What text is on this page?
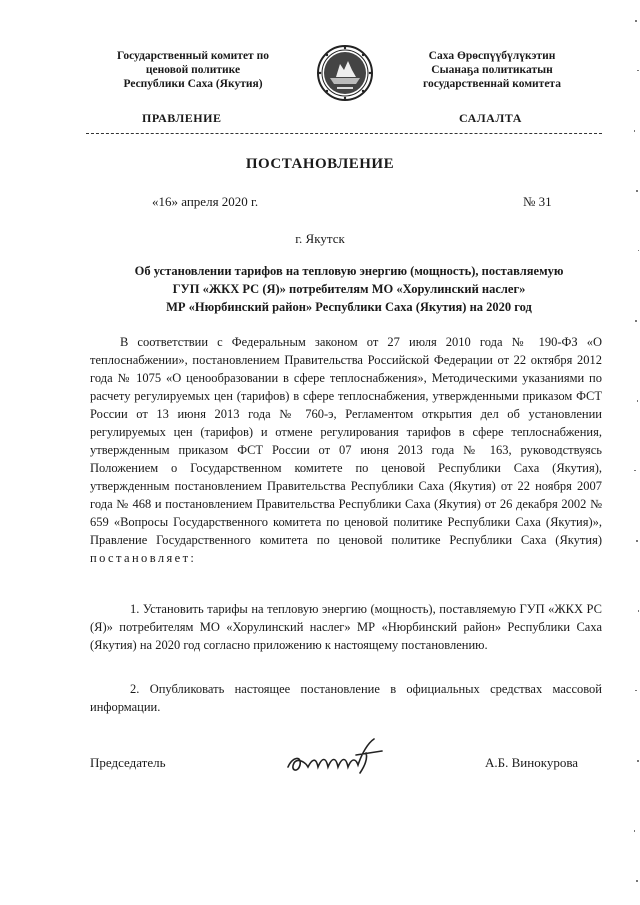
Государственный комитет по
ценовой политике
Республики Саха (Якутия)
Саха Өрөспүүбүлүкэтин
Сыанаҕа политикатын
государственнай комитета
ПРАВЛЕНИЕ	САЛАЛТА
ПОСТАНОВЛЕНИЕ
«16» апреля 2020 г.	№ 31
г. Якутск
Об установлении тарифов на тепловую энергию (мощность), поставляемую
ГУП «ЖКХ РС (Я)» потребителям МО «Хорулинский наслег»
МР «Нюрбинский район» Республики Саха (Якутия) на 2020 год
В соответствии с Федеральным законом от 27 июля 2010 года № 190-ФЗ «О теплоснабжении», постановлением Правительства Российской Федерации от 22 октября 2012 года № 1075 «О ценообразовании в сфере теплоснабжения», Методическими указаниями по расчету регулируемых цен (тарифов) в сфере теплоснабжения, утвержденными приказом ФСТ России от 13 июня 2013 года № 760-э, Регламентом открытия дел об установлении регулируемых цен (тарифов) и отмене регулирования тарифов в сфере теплоснабжения, утвержденным приказом ФСТ России от 07 июня 2013 года № 163, руководствуясь Положением о Государственном комитете по ценовой Республики Саха (Якутия), утвержденным постановлением Правительства Республики Саха (Якутия) от 22 ноября 2007 года № 468 и постановлением Правительства Республики Саха (Якутия) от 26 декабря 2002 № 659 «Вопросы Государственного комитета по ценовой политике Республики Саха (Якутия)», Правление Государственного комитета по ценовой политике Республики Саха (Якутия) постановляет:
1. Установить тарифы на тепловую энергию (мощность), поставляемую ГУП «ЖКХ РС (Я)» потребителям МО «Хорулинский наслег» МР «Нюрбинский район» Республики Саха (Якутия) на 2020 год согласно приложению к настоящему постановлению.
2. Опубликовать настоящее постановление в официальных средствах массовой информации.
Председатель	А.Б. Винокурова
